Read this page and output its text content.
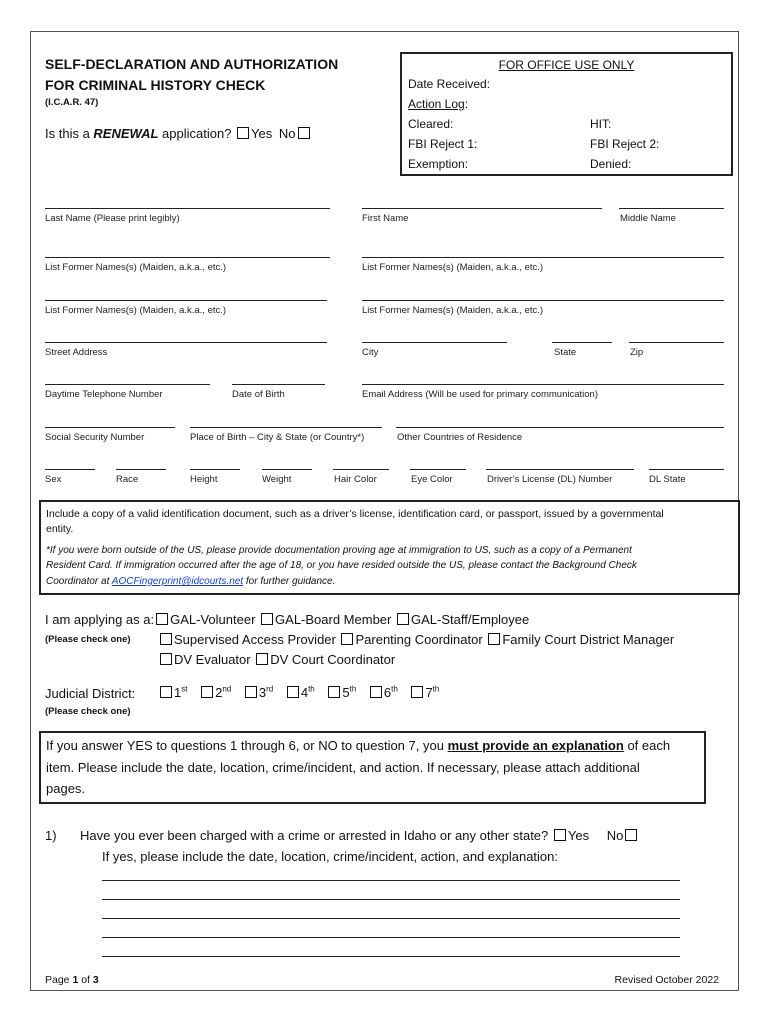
SELF-DECLARATION AND AUTHORIZATION
FOR CRIMINAL HISTORY CHECK
(I.C.A.R. 47)
Is this a RENEWAL application? Yes No
FOR OFFICE USE ONLY
Date Received:
Action Log:
Cleared:	HIT:
FBI Reject 1:	FBI Reject 2:
Exemption:	Denied:
Last Name (Please print legibly)	First Name	Middle Name
List Former Names(s) (Maiden, a.k.a., etc.)	List Former Names(s) (Maiden, a.k.a., etc.)
List Former Names(s) (Maiden, a.k.a., etc.)	List Former Names(s) (Maiden, a.k.a., etc.)
Street Address	City	State	Zip
Daytime Telephone Number	Date of Birth	Email Address (Will be used for primary communication)
Social Security Number	Place of Birth – City & State (or Country*)	Other Countries of Residence
Sex	Race	Height	Weight	Hair Color	Eye Color	Driver’s License (DL) Number	DL State
Include a copy of a valid identification document, such as a driver’s license, identification card, or passport, issued by a governmental
entity.
*If you were born outside of the US, please provide documentation proving age at immigration to US, such as a copy of a Permanent
Resident Card. If immigration occurred after the age of 18, or you have resided outside the US, please contact the Background Check
Coordinator at AOCFingerprint@idcourts.net for further guidance.
I am applying as a: GAL-Volunteer GAL-Board Member GAL-Staff/Employee
(Please check one)	Supervised Access Provider Parenting Coordinator Family Court District Manager
DV Evaluator DV Court Coordinator
Judicial District:
(Please check one)
1st 2nd 3rd 4th 5th 6th 7th
If you answer YES to questions 1 through 6, or NO to question 7, you must provide an explanation of each
item. Please include the date, location, crime/incident, and action. If necessary, please attach additional
pages.
1) Have you ever been charged with a crime or arrested in Idaho or any other state? Yes No
If yes, please include the date, location, crime/incident, action, and explanation:
Page 1 of 3	Revised October 2022
